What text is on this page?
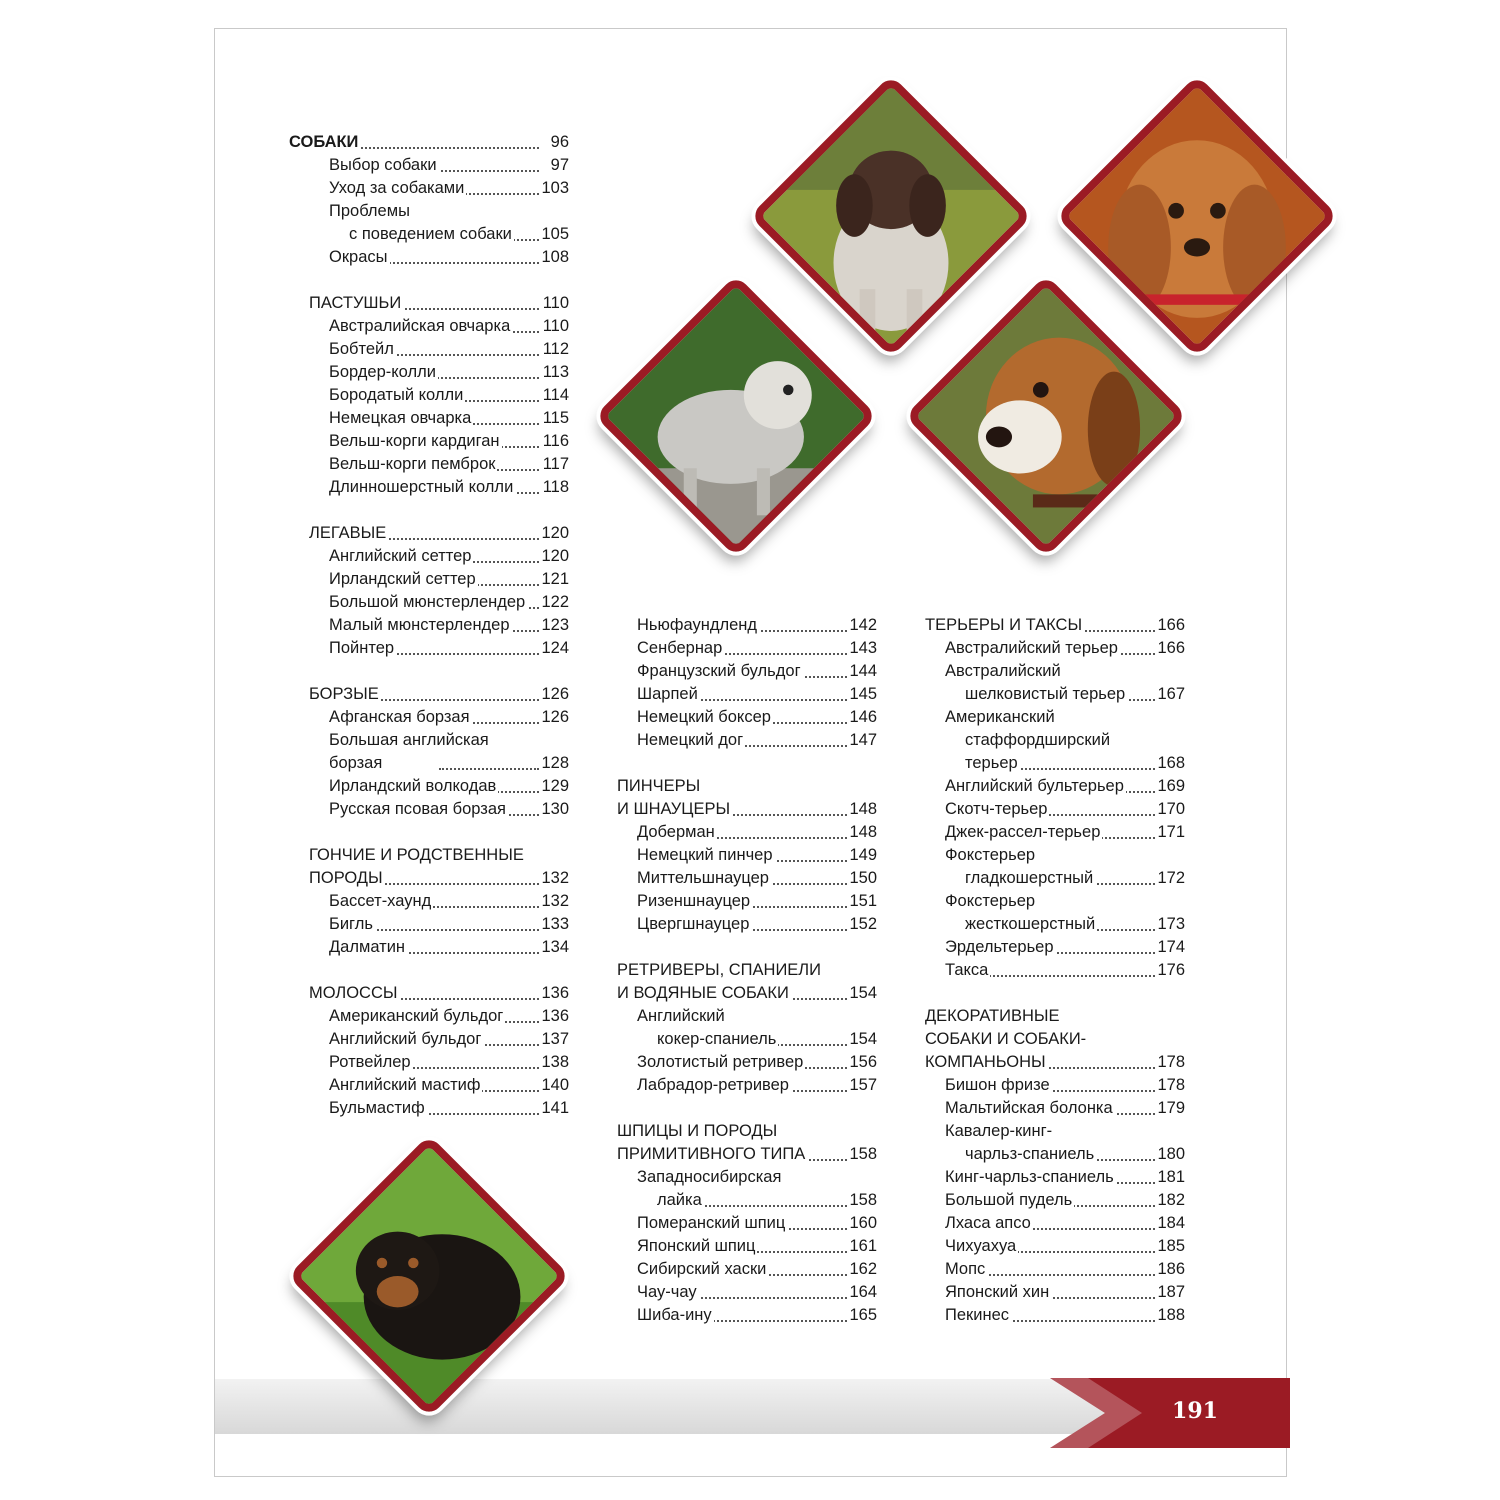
191
СОБАКИ	96
Выбор собаки	97
Уход за собаками	103
Проблемы
с поведением собаки 105
Окрасы	108
ПАСТУШЬИ	110
Австралийская овчарка 110
Бобтейл	112
Бордер-колли	113
Бородатый колли	114
Немецкая овчарка	115
Вельш-корги кардиган	116
Вельш-корги пемброк	117
Длинношерстный колли 118
ЛЕГАВЫЕ	120
Английский сеттер	120
Ирландский сеттер	121
Большой мюнстерлендер 122
Малый мюнстерлендер 123
Пойнтер	124
БОРЗЫЕ	126
Афганская борзая	126
Большая английская
борзая	128
Ирландский волкодав	129
Русская псовая борзая 130
ГОНЧИЕ И РОДСТВЕННЫЕ
ПОРОДЫ	132
Бассет-хаунд	132
Бигль	133
Далматин	134
МОЛОССЫ	136
Американский бульдог 136
Английский бульдог	137
Ротвейлер	138
Английский мастиф	140
Бульмастиф	141
Ньюфаундленд	142
Сенбернар	143
Французский бульдог	144
Шарпей	145
Немецкий боксер	146
Немецкий дог	147
ПИНЧЕРЫ
И ШНАУЦЕРЫ	148
Доберман	148
Немецкий пинчер	149
Миттельшнауцер	150
Ризеншнауцер	151
Цвергшнауцер	152
РЕТРИВЕРЫ, СПАНИЕЛИ
И ВОДЯНЫЕ СОБАКИ	154
Английский
кокер-спаниель	154
Золотистый ретривер	156
Лабрадор-ретривер	157
ШПИЦЫ И ПОРОДЫ
ПРИМИТИВНОГО ТИПА	158
Западносибирская
лайка	158
Померанский шпиц	160
Японский шпиц	161
Сибирский хаски	162
Чау-чау	164
Шиба-ину	165
ТЕРЬЕРЫ И ТАКСЫ	166
Австралийский терьер 166
Австралийский
шелковистый терьер 167
Американский
стаффордширский
терьер	168
Английский бультерьер 169
Скотч-терьер	170
Джек-рассел-терьер	171
Фокстерьер
гладкошерстный	172
Фокстерьер
жесткошерстный	173
Эрдельтерьер	174
Такса	176
ДЕКОРАТИВНЫЕ
СОБАКИ И СОБАКИ-
КОМПАНЬОНЫ	178
Бишон фризе	178
Мальтийская болонка	179
Кавалер-кинг-
чарльз-спаниель	180
Кинг-чарльз-спаниель	181
Большой пудель	182
Лхаса апсо	184
Чихуахуа	185
Мопс	186
Японский хин	187
Пекинес	188
